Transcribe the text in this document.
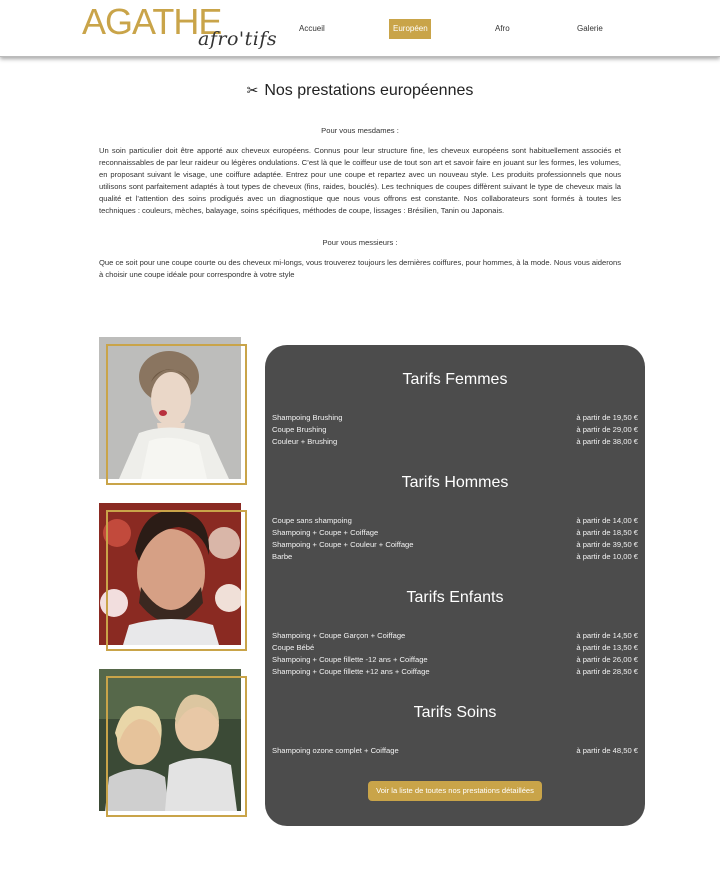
AGATHE
afro'tifs	Accueil	Européen	Afro	Galerie
✂ Nos prestations européennes
Pour vous mesdames :
Un soin particulier doit être apporté aux cheveux européens. Connus pour leur structure fine, les cheveux européens sont habituellement associés et reconnaissables de par leur raideur ou légères ondulations. C’est là que le coiffeur use de tout son art et savoir faire en jouant sur les formes, les volumes, en proposant suivant le visage, une coiffure adaptée. Entrez pour une coupe et repartez avec un nouveau style. Les produits professionnels que nous utilisons sont parfaitement adaptés à tout types de cheveux (fins, raides, bouclés). Les techniques de coupes diffèrent suivant le type de cheveux mais la qualité et l’attention des soins prodigués avec un diagnostique que nous vous offrons est constante. Nos collaborateurs sont formés à toutes les techniques : couleurs, mèches, balayage, soins spécifiques, méthodes de coupe, lissages : Brésilien, Tanin ou Japonais.
Pour vous messieurs :
Que ce soit pour une coupe courte ou des cheveux mi-longs, vous trouverez toujours les dernières coiffures, pour hommes, à la mode. Nous vous aiderons à choisir une coupe idéale pour correspondre à votre style
Tarifs Femmes
Shampoing Brushing	à partir de 19,50 €
Coupe Brushing	à partir de 29,00 €
Couleur + Brushing	à partir de 38,00 €
Tarifs Hommes
Coupe sans shampoing	à partir de 14,00 €
Shampoing + Coupe + Coiffage	à partir de 18,50 €
Shampoing + Coupe + Couleur + Coiffage	à partir de 39,50 €
Barbe	à partir de 10,00 €
Tarifs Enfants
Shampoing + Coupe Garçon + Coiffage	à partir de 14,50 €
Coupe Bébé	à partir de 13,50 €
Shampoing + Coupe fillette -12 ans + Coiffage	à partir de 26,00 €
Shampoing + Coupe fillette +12 ans + Coiffage	à partir de 28,50 €
Tarifs Soins
Shampoing ozone complet + Coiffage	à partir de 48,50 €
Voir la liste de toutes nos prestations détaillées
